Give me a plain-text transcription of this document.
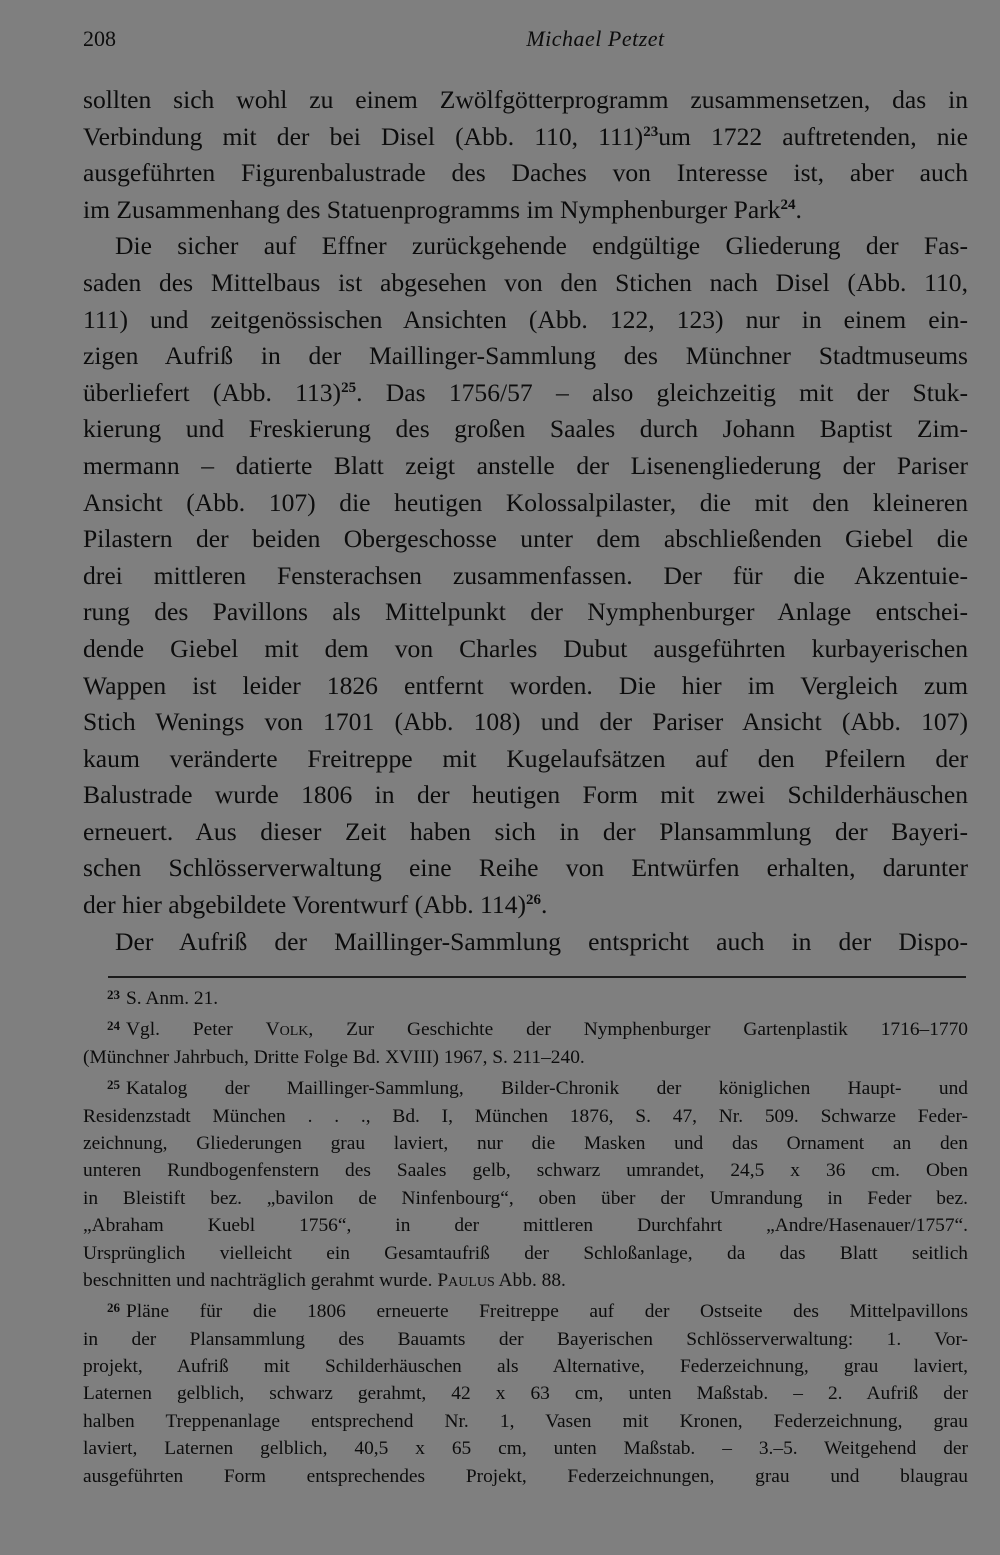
208	Michael Petzet
sollten sich wohl zu einem Zwölfgötterprogramm zusammensetzen, das in
Verbindung mit der bei Disel (Abb. 110, 111)$^{23}$um 1722 auftretenden, nie
ausgeführten Figurenbalustrade des Daches von Interesse ist, aber auch
im Zusammenhang des Statuenprogramms im Nymphenburger Park$^{24}$.
Die sicher auf Effner zurückgehende endgültige Gliederung der Fas-
saden des Mittelbaus ist abgesehen von den Stichen nach Disel (Abb. 110,
111) und zeitgenössischen Ansichten (Abb. 122, 123) nur in einem ein-
zigen Aufriß in der Maillinger-Sammlung des Münchner Stadtmuseums
überliefert (Abb. 113)$^{25}$. Das 1756/57 – also gleichzeitig mit der Stuk-
kierung und Freskierung des großen Saales durch Johann Baptist Zim-
mermann – datierte Blatt zeigt anstelle der Lisenengliederung der Pariser
Ansicht (Abb. 107) die heutigen Kolossalpilaster, die mit den kleineren
Pilastern der beiden Obergeschosse unter dem abschließenden Giebel die
drei mittleren Fensterachsen zusammenfassen. Der für die Akzentuie-
rung des Pavillons als Mittelpunkt der Nymphenburger Anlage entschei-
dende Giebel mit dem von Charles Dubut ausgeführten kurbayerischen
Wappen ist leider 1826 entfernt worden. Die hier im Vergleich zum
Stich Wenings von 1701 (Abb. 108) und der Pariser Ansicht (Abb. 107)
kaum veränderte Freitreppe mit Kugelaufsätzen auf den Pfeilern der
Balustrade wurde 1806 in der heutigen Form mit zwei Schilderhäuschen
erneuert. Aus dieser Zeit haben sich in der Plansammlung der Bayeri-
schen Schlösserverwaltung eine Reihe von Entwürfen erhalten, darunter
der hier abgebildete Vorentwurf (Abb. 114)$^{26}$.
Der Aufriß der Maillinger-Sammlung entspricht auch in der Dispo-
$^{23}$ S. Anm. 21.
$^{24}$ Vgl. Peter Volk, Zur Geschichte der Nymphenburger Gartenplastik 1716–1770
(Münchner Jahrbuch, Dritte Folge Bd. XVIII) 1967, S. 211–240.
$^{25}$ Katalog der Maillinger-Sammlung, Bilder-Chronik der königlichen Haupt- und
Residenzstadt München . . ., Bd. I, München 1876, S. 47, Nr. 509. Schwarze Feder-
zeichnung, Gliederungen grau laviert, nur die Masken und das Ornament an den
unteren Rundbogenfenstern des Saales gelb, schwarz umrandet, 24,5 x 36 cm. Oben
in Bleistift bez. „bavilon de Ninfenbourg“, oben über der Umrandung in Feder bez.
„Abraham Kuebl 1756“, in der mittleren Durchfahrt „Andre/Hasenauer/1757“.
Ursprünglich vielleicht ein Gesamtaufriß der Schloßanlage, da das Blatt seitlich
beschnitten und nachträglich gerahmt wurde. Paulus Abb. 88.
$^{26}$ Pläne für die 1806 erneuerte Freitreppe auf der Ostseite des Mittelpavillons
in der Plansammlung des Bauamts der Bayerischen Schlösserverwaltung: 1. Vor-
projekt, Aufriß mit Schilderhäuschen als Alternative, Federzeichnung, grau laviert,
Laternen gelblich, schwarz gerahmt, 42 x 63 cm, unten Maßstab. – 2. Aufriß der
halben Treppenanlage entsprechend Nr. 1, Vasen mit Kronen, Federzeichnung, grau
laviert, Laternen gelblich, 40,5 x 65 cm, unten Maßstab. – 3.–5. Weitgehend der
ausgeführten Form entsprechendes Projekt, Federzeichnungen, grau und blaugrau
